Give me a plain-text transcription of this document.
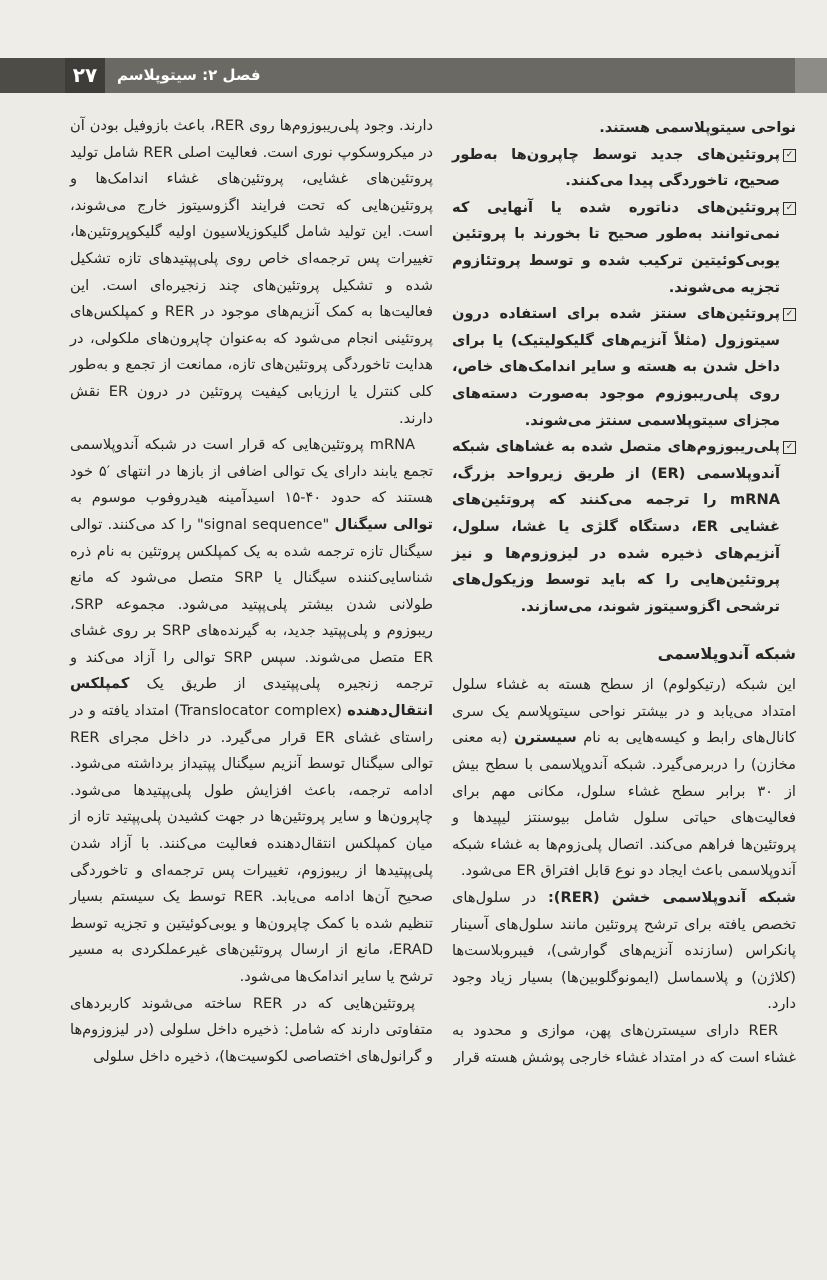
۲۷	فصل ۲: سیتوپلاسم

نواحی سیتوپلاسمی هستند.

✓
پروتئین‌های جدید توسط چاپرون‌ها به‌طور صحیح، تاخوردگی پیدا می‌کنند.
✓
پروتئین‌های دناتوره شده یا آنهایی که نمی‌توانند به‌طور صحیح تا بخورند با پروتئین یوبی‌کوئیتین ترکیب شده و توسط پروتئازوم تجزیه می‌شوند.
✓
پروتئین‌های سنتز شده برای استفاده درون سیتوزول (مثلاً آنزیم‌های گلیکولیتیک) یا برای داخل شدن به هسته و سایر اندامک‌های خاص، روی پلی‌ریبوزوم موجود به‌صورت دسته‌های مجزای سیتوپلاسمی سنتز می‌شوند.
✓
پلی‌ریبوزوم‌های متصل شده به غشاهای شبکه آندوپلاسمی (ER) از طریق زیرواحد بزرگ، mRNA را ترجمه می‌کنند که پروتئین‌های غشایی ER، دستگاه گلژی یا غشا، سلول، آنزیم‌های ذخیره شده در لیزوزوم‌ها و نیز پروتئین‌هایی را که باید توسط وزیکول‌های ترشحی اگزوسیتوز شوند، می‌سازند.
شبکه آندوپلاسمی

این شبکه (رتیکولوم) از سطح هسته به غشاء سلول امتداد می‌یابد و در بیشتر نواحی سیتوپلاسم یک سری کانال‌های رابط و کیسه‌هایی به نام سیسترن (به معنی مخازن) را دربرمی‌گیرد. شبکه آندوپلاسمی با سطح بیش از ۳۰ برابر سطح غشاء سلول، مکانی مهم برای فعالیت‌های حیاتی سلول شامل بیوسنتز لیپیدها و پروتئین‌ها فراهم می‌کند. اتصال پلی‌زوم‌ها به غشاء شبکه آندوپلاسمی باعث ایجاد دو نوع قابل افتراق ER می‌شود.

شبکه آندوپلاسمی خشن (RER): در سلول‌های تخصص یافته برای ترشح پروتئین مانند سلول‌های آسینار پانکراس (سازنده آنزیم‌های گوارشی)، فیبروبلاست‌ها (کلاژن) و پلاسماسل (ایمونوگلوبین‌ها) بسیار زیاد وجود دارد.

RER دارای سیسترن‌های پهن، موازی و محدود به غشاء است که در امتداد غشاء خارجی پوشش هسته قرار

دارند. وجود پلی‌ریبوزوم‌ها روی RER، باعث بازوفیل بودن آن در میکروسکوپ نوری است. فعالیت اصلی RER شامل تولید پروتئین‌های غشایی، پروتئین‌های غشاء اندامک‌ها و پروتئین‌هایی که تحت فرایند اگزوسیتوز خارج می‌شوند، است. این تولید شامل گلیکوزیلاسیون اولیه گلیکوپروتئین‌ها، تغییرات پس ترجمه‌ای خاص روی پلی‌پپتیدهای تازه تشکیل شده و تشکیل پروتئین‌های چند زنجیره‌ای است. این فعالیت‌ها به کمک آنزیم‌های موجود در RER و کمپلکس‌های پروتئینی انجام می‌شود که به‌عنوان چاپرون‌های ملکولی، در هدایت تاخوردگی پروتئین‌های تازه، ممانعت از تجمع و به‌طور کلی کنترل یا ارزیابی کیفیت پروتئین در درون ER نقش دارند.

mRNA پروتئین‌هایی که قرار است در شبکه آندوپلاسمی تجمع یابند دارای یک توالی اضافی از بازها در انتهای ‎۵′‎ خود هستند که حدود ۴۰-۱۵ اسیدآمینه هیدروفوب موسوم به توالی سیگنال "signal sequence" را کد می‌کنند. توالی سیگنال تازه ترجمه شده به یک کمپلکس پروتئین به نام ذره شناسایی‌کننده سیگنال یا SRP متصل می‌شود که مانع طولانی شدن بیشتر پلی‌پپتید می‌شود. مجموعه SRP، ریبوزوم و پلی‌پپتید جدید، به گیرنده‌های SRP بر روی غشای ER متصل می‌شوند. سپس SRP توالی را آزاد می‌کند و ترجمه زنجیره پلی‌پپتیدی از طریق یک کمپلکس انتقال‌دهنده (Translocator complex) امتداد یافته و در راستای غشای ER قرار می‌گیرد. در داخل مجرای RER توالی سیگنال توسط آنزیم سیگنال پپتیداز برداشته می‌شود. ادامه ترجمه، باعث افزایش طول پلی‌پپتیدها می‌شود. چاپرون‌ها و سایر پروتئین‌ها در جهت کشیدن پلی‌پپتید تازه از میان کمپلکس انتقال‌دهنده فعالیت می‌کنند. با آزاد شدن پلی‌پپتیدها از ریبوزوم، تغییرات پس ترجمه‌ای و تاخوردگی صحیح آن‌ها ادامه می‌یابد. RER توسط یک سیستم بسیار تنظیم شده با کمک چاپرون‌ها و یوبی‌کوئیتین و تجزیه توسط ERAD، مانع از ارسال پروتئین‌های غیرعملکردی به مسیر ترشح یا سایر اندامک‌ها می‌شود.

پروتئین‌هایی که در RER ساخته می‌شوند کاربردهای متفاوتی دارند که شامل: ذخیره داخل سلولی (در لیزوزوم‌ها و گرانول‌های اختصاصی لکوسیت‌ها)، ذخیره داخل سلولی
